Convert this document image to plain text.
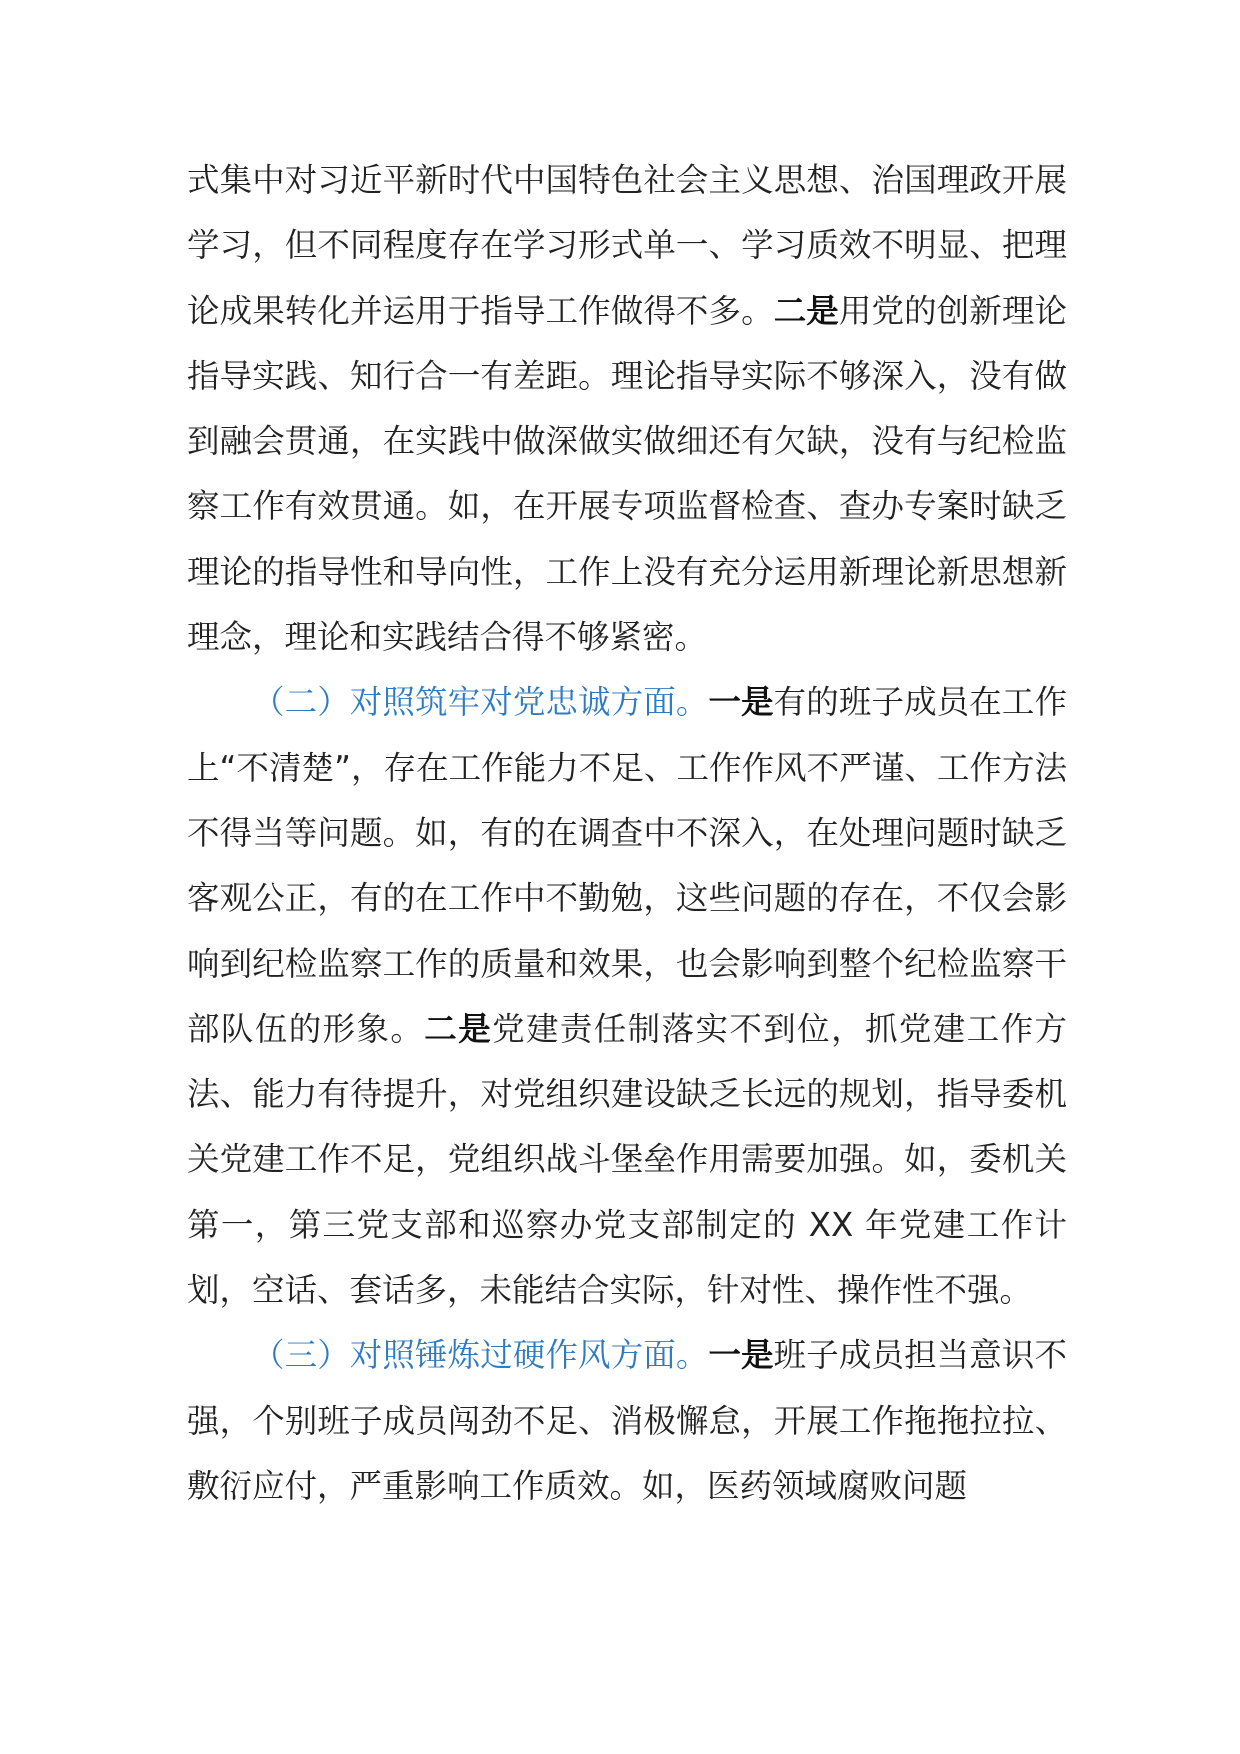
式集中对习近平新时代中国特色社会主义思想、治国理政开展学习，但不同程度存在学习形式单一、学习质效不明显、把理论成果转化并运用于指导工作做得不多。二是用党的创新理论指导实践、知行合一有差距。理论指导实际不够深入，没有做到融会贯通，在实践中做深做实做细还有欠缺，没有与纪检监察工作有效贯通。如，在开展专项监督检查、查办专案时缺乏理论的指导性和导向性，工作上没有充分运用新理论新思想新理念，理论和实践结合得不够紧密。

（二）对照筑牢对党忠诚方面。一是有的班子成员在工作上“不清楚”，存在工作能力不足、工作作风不严谨、工作方法不得当等问题。如，有的在调查中不深入，在处理问题时缺乏客观公正，有的在工作中不勤勉，这些问题的存在，不仅会影响到纪检监察工作的质量和效果，也会影响到整个纪检监察干部队伍的形象。二是党建责任制落实不到位，抓党建工作方法、能力有待提升，对党组织建设缺乏长远的规划，指导委机关党建工作不足，党组织战斗堡垒作用需要加强。如，委机关第一，第三党支部和巡察办党支部制定的 XX 年党建工作计划，空话、套话多，未能结合实际，针对性、操作性不强。

（三）对照锤炼过硬作风方面。一是班子成员担当意识不强，个别班子成员闯劲不足、消极懈怠，开展工作拖拖拉拉、敷衍应付，严重影响工作质效。如，医药领域腐败问题
